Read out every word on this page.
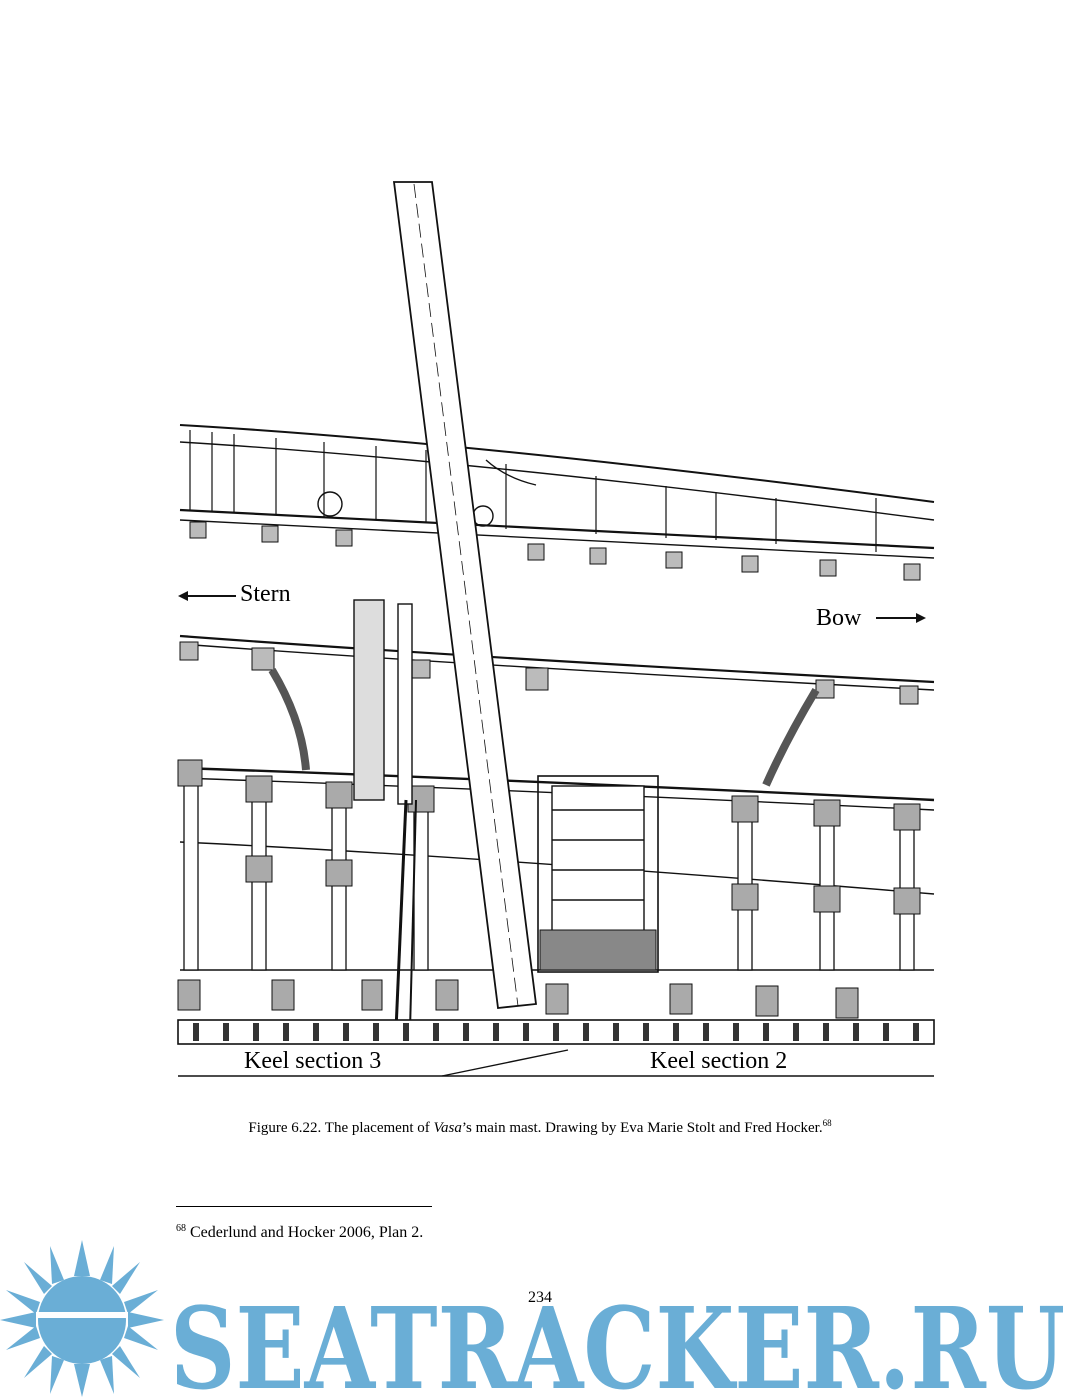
Stern
Bow
Keel section 3	Keel section 2
Figure 6.22. The placement of Vasa’s main mast. Drawing by Eva Marie Stolt and Fred Hocker.$^{68}$
$^{68}$ Cederlund and Hocker 2006, Plan 2.
234
SEATRACKER.RU
